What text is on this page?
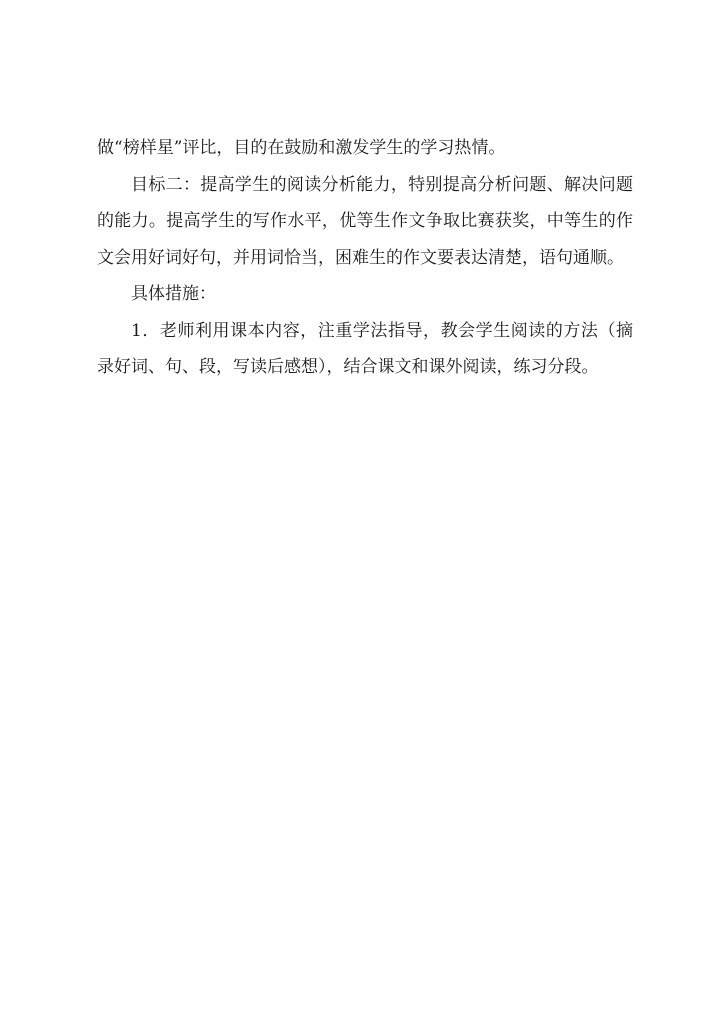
做“榜样星”评比，目的在鼓励和激发学生的学习热情。

目标二：提高学生的阅读分析能力，特别提高分析问题、解决问题的能力。提高学生的写作水平，优等生作文争取比赛获奖，中等生的作文会用好词好句，并用词恰当，困难生的作文要表达清楚，语句通顺。

具体措施：

1．老师利用课本内容，注重学法指导，教会学生阅读的方法（摘录好词、句、段，写读后感想），结合课文和课外阅读，练习分段。
